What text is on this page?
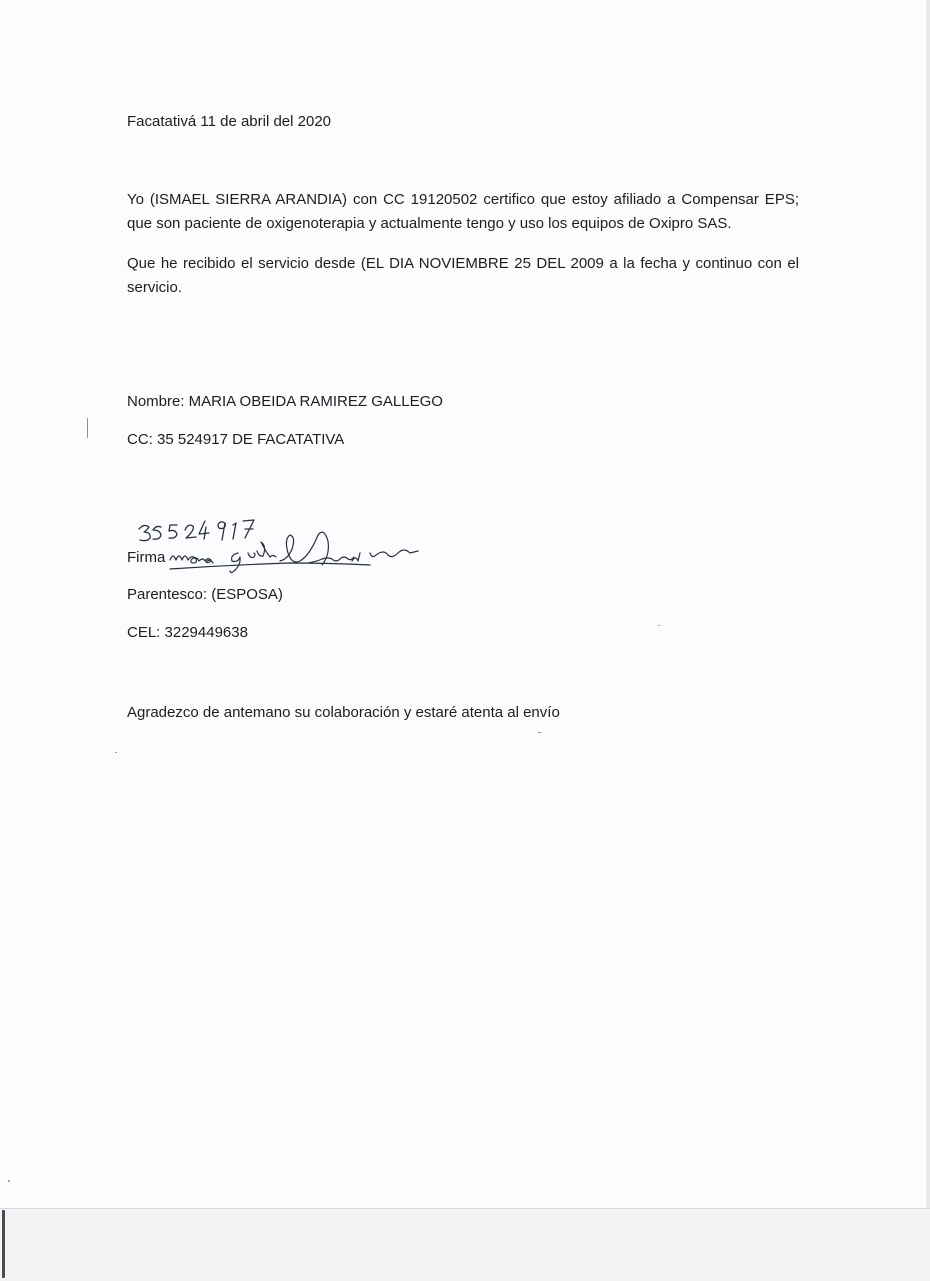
Facatativá 11 de abril del 2020
Yo (ISMAEL SIERRA ARANDIA) con CC 19120502 certifico que estoy afiliado a Compensar EPS; que son paciente de oxigenoterapia y actualmente tengo y uso los equipos de Oxipro SAS.
Que he recibido el servicio desde (EL DIA NOVIEMBRE 25 DEL 2009 a la fecha y continuo con el servicio.
Nombre: MARIA OBEIDA RAMIREZ GALLEGO
CC: 35 524917 DE FACATATIVA
Firma
Parentesco: (ESPOSA)
CEL: 3229449638
Agradezco de antemano su colaboración y estaré atenta al envío
